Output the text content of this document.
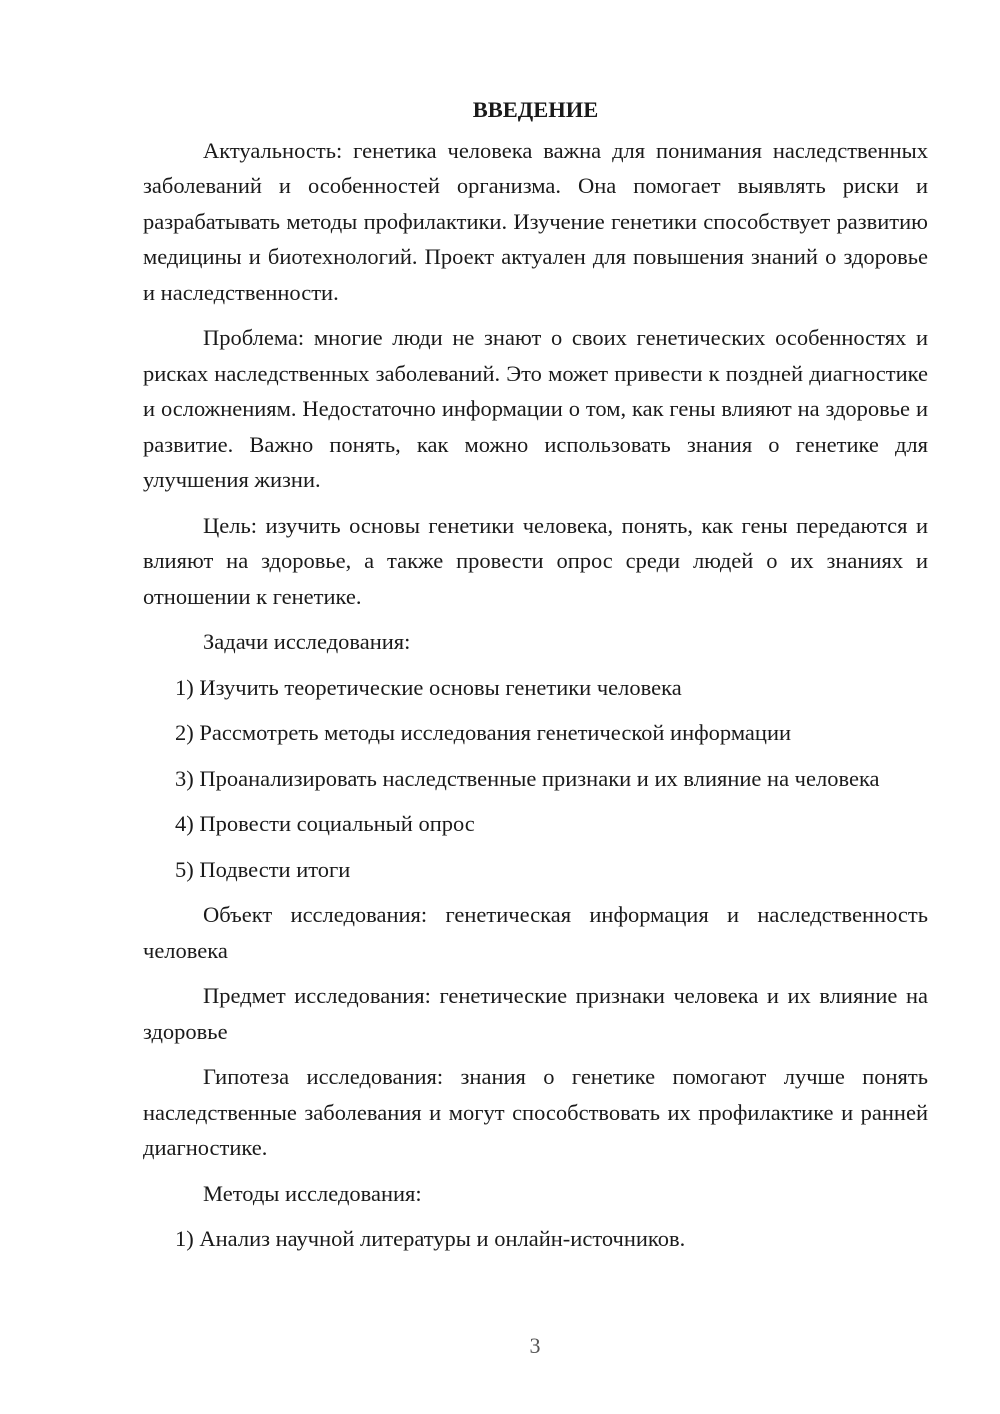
ВВЕДЕНИЕ

Актуальность: генетика человека важна для понимания наследственных заболеваний и особенностей организма. Она помогает выявлять риски и разрабатывать методы профилактики. Изучение генетики способствует развитию медицины и биотехнологий. Проект актуален для повышения знаний о здоровье и наследственности.

Проблема: многие люди не знают о своих генетических особенностях и рисках наследственных заболеваний. Это может привести к поздней диагностике и осложнениям. Недостаточно информации о том, как гены влияют на здоровье и развитие. Важно понять, как можно использовать знания о генетике для улучшения жизни.

Цель: изучить основы генетики человека, понять, как гены передаются и влияют на здоровье, а также провести опрос среди людей о их знаниях и отношении к генетике.

Задачи исследования:

1) Изучить теоретические основы генетики человека

2) Рассмотреть методы исследования генетической информации

3) Проанализировать наследственные признаки и их влияние на человека

4) Провести социальный опрос

5) Подвести итоги

Объект исследования: генетическая информация и наследственность человека

Предмет исследования: генетические признаки человека и их влияние на здоровье

Гипотеза исследования: знания о генетике помогают лучше понять наследственные заболевания и могут способствовать их профилактике и ранней диагностике.

Методы исследования:

1) Анализ научной литературы и онлайн-источников.

3
